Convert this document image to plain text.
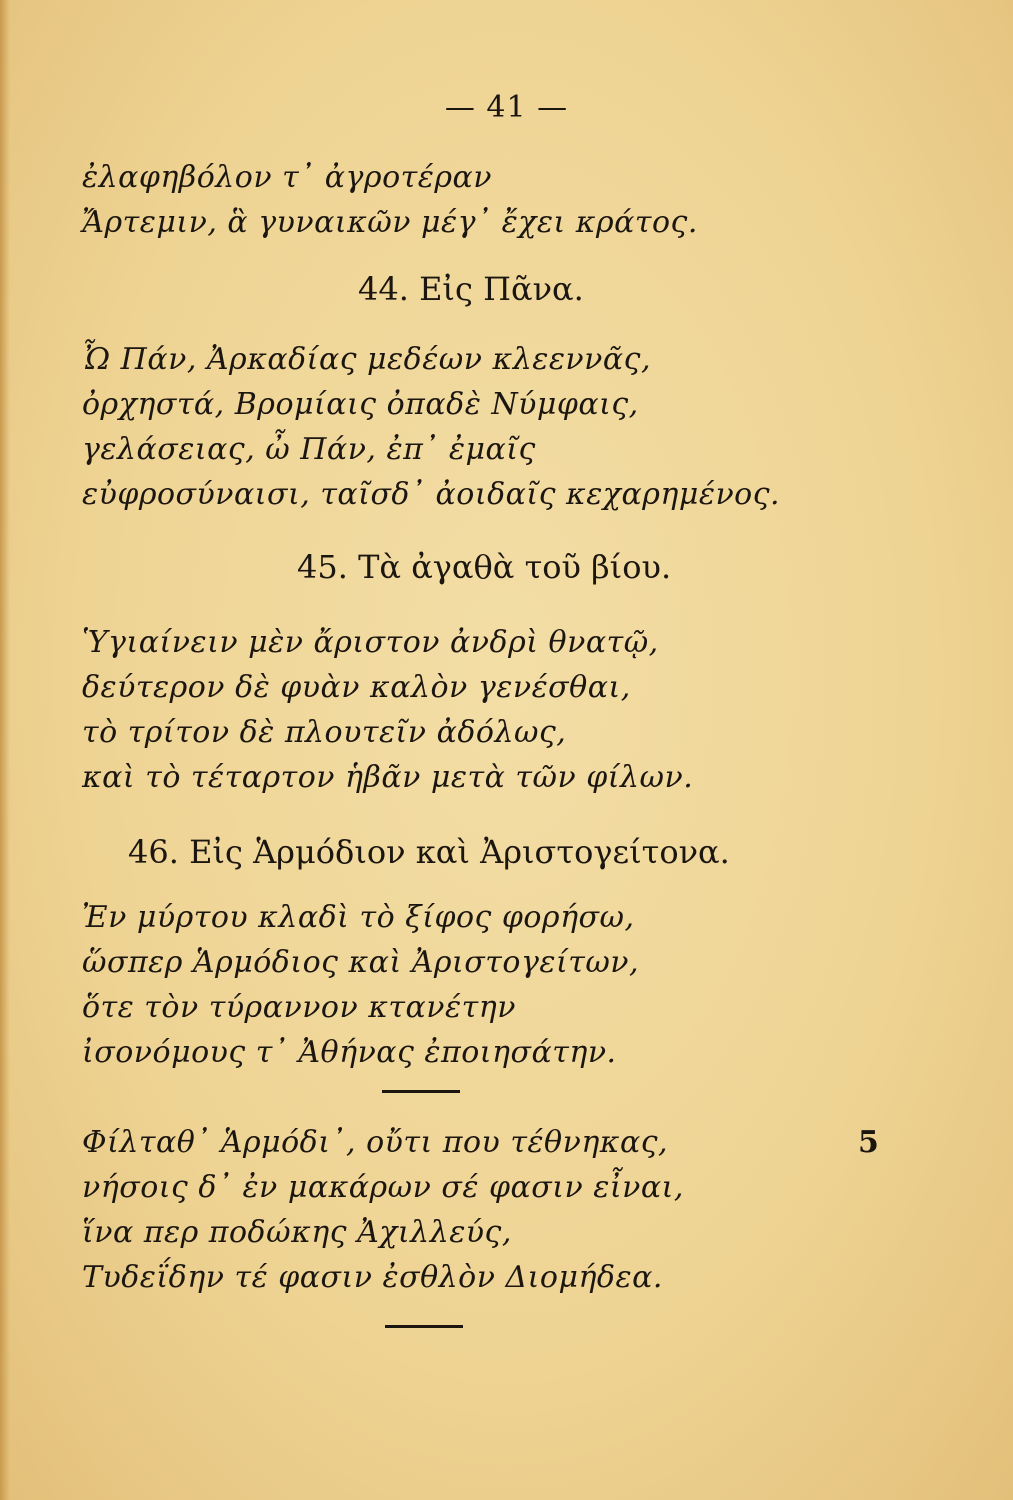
— 41 —
ἐλαφηβόλον τ᾽ ἀγροτέραν
Ἄρτεμιν, ἃ γυναικῶν μέγ᾽ ἔχει κράτος.
44. Εἰς Πᾶνα.
Ὦ Πάν, Ἀρκαδίας μεδέων κλεεννᾶς,
ὀρχηστά, Βρομίαις ὀπαδὲ Νύμφαις,
γελάσειας, ὦ Πάν, ἐπ᾽ ἐμαῖς
εὐφροσύναισι, ταῖσδ᾽ ἀοιδαῖς κεχαρημένος.
45. Τὰ ἀγαθὰ τοῦ βίου.
Ὑγιαίνειν μὲν ἄριστον ἀνδρὶ θνατῷ,
δεύτερον δὲ φυὰν καλὸν γενέσθαι,
τὸ τρίτον δὲ πλουτεῖν ἀδόλως,
καὶ τὸ τέταρτον ἡβᾶν μετὰ τῶν φίλων.
46. Εἰς Ἁρμόδιον καὶ Ἀριστογείτονα.
Ἐν μύρτου κλαδὶ τὸ ξίφος φορήσω,
ὥσπερ Ἁρμόδιος καὶ Ἀριστογείτων,
ὅτε τὸν τύραννον κτανέτην
ἰσονόμους τ᾽ Ἀθήνας ἐποιησάτην.
Φίλταθ᾽ Ἁρμόδι᾽, οὔτι που τέθνηκας,	5
νήσοις δ᾽ ἐν μακάρων σέ φασιν εἶναι,
ἵνα περ ποδώκης Ἀχιλλεύς,
Τυδεΐδην τέ φασιν ἐσθλὸν Διομήδεα.
